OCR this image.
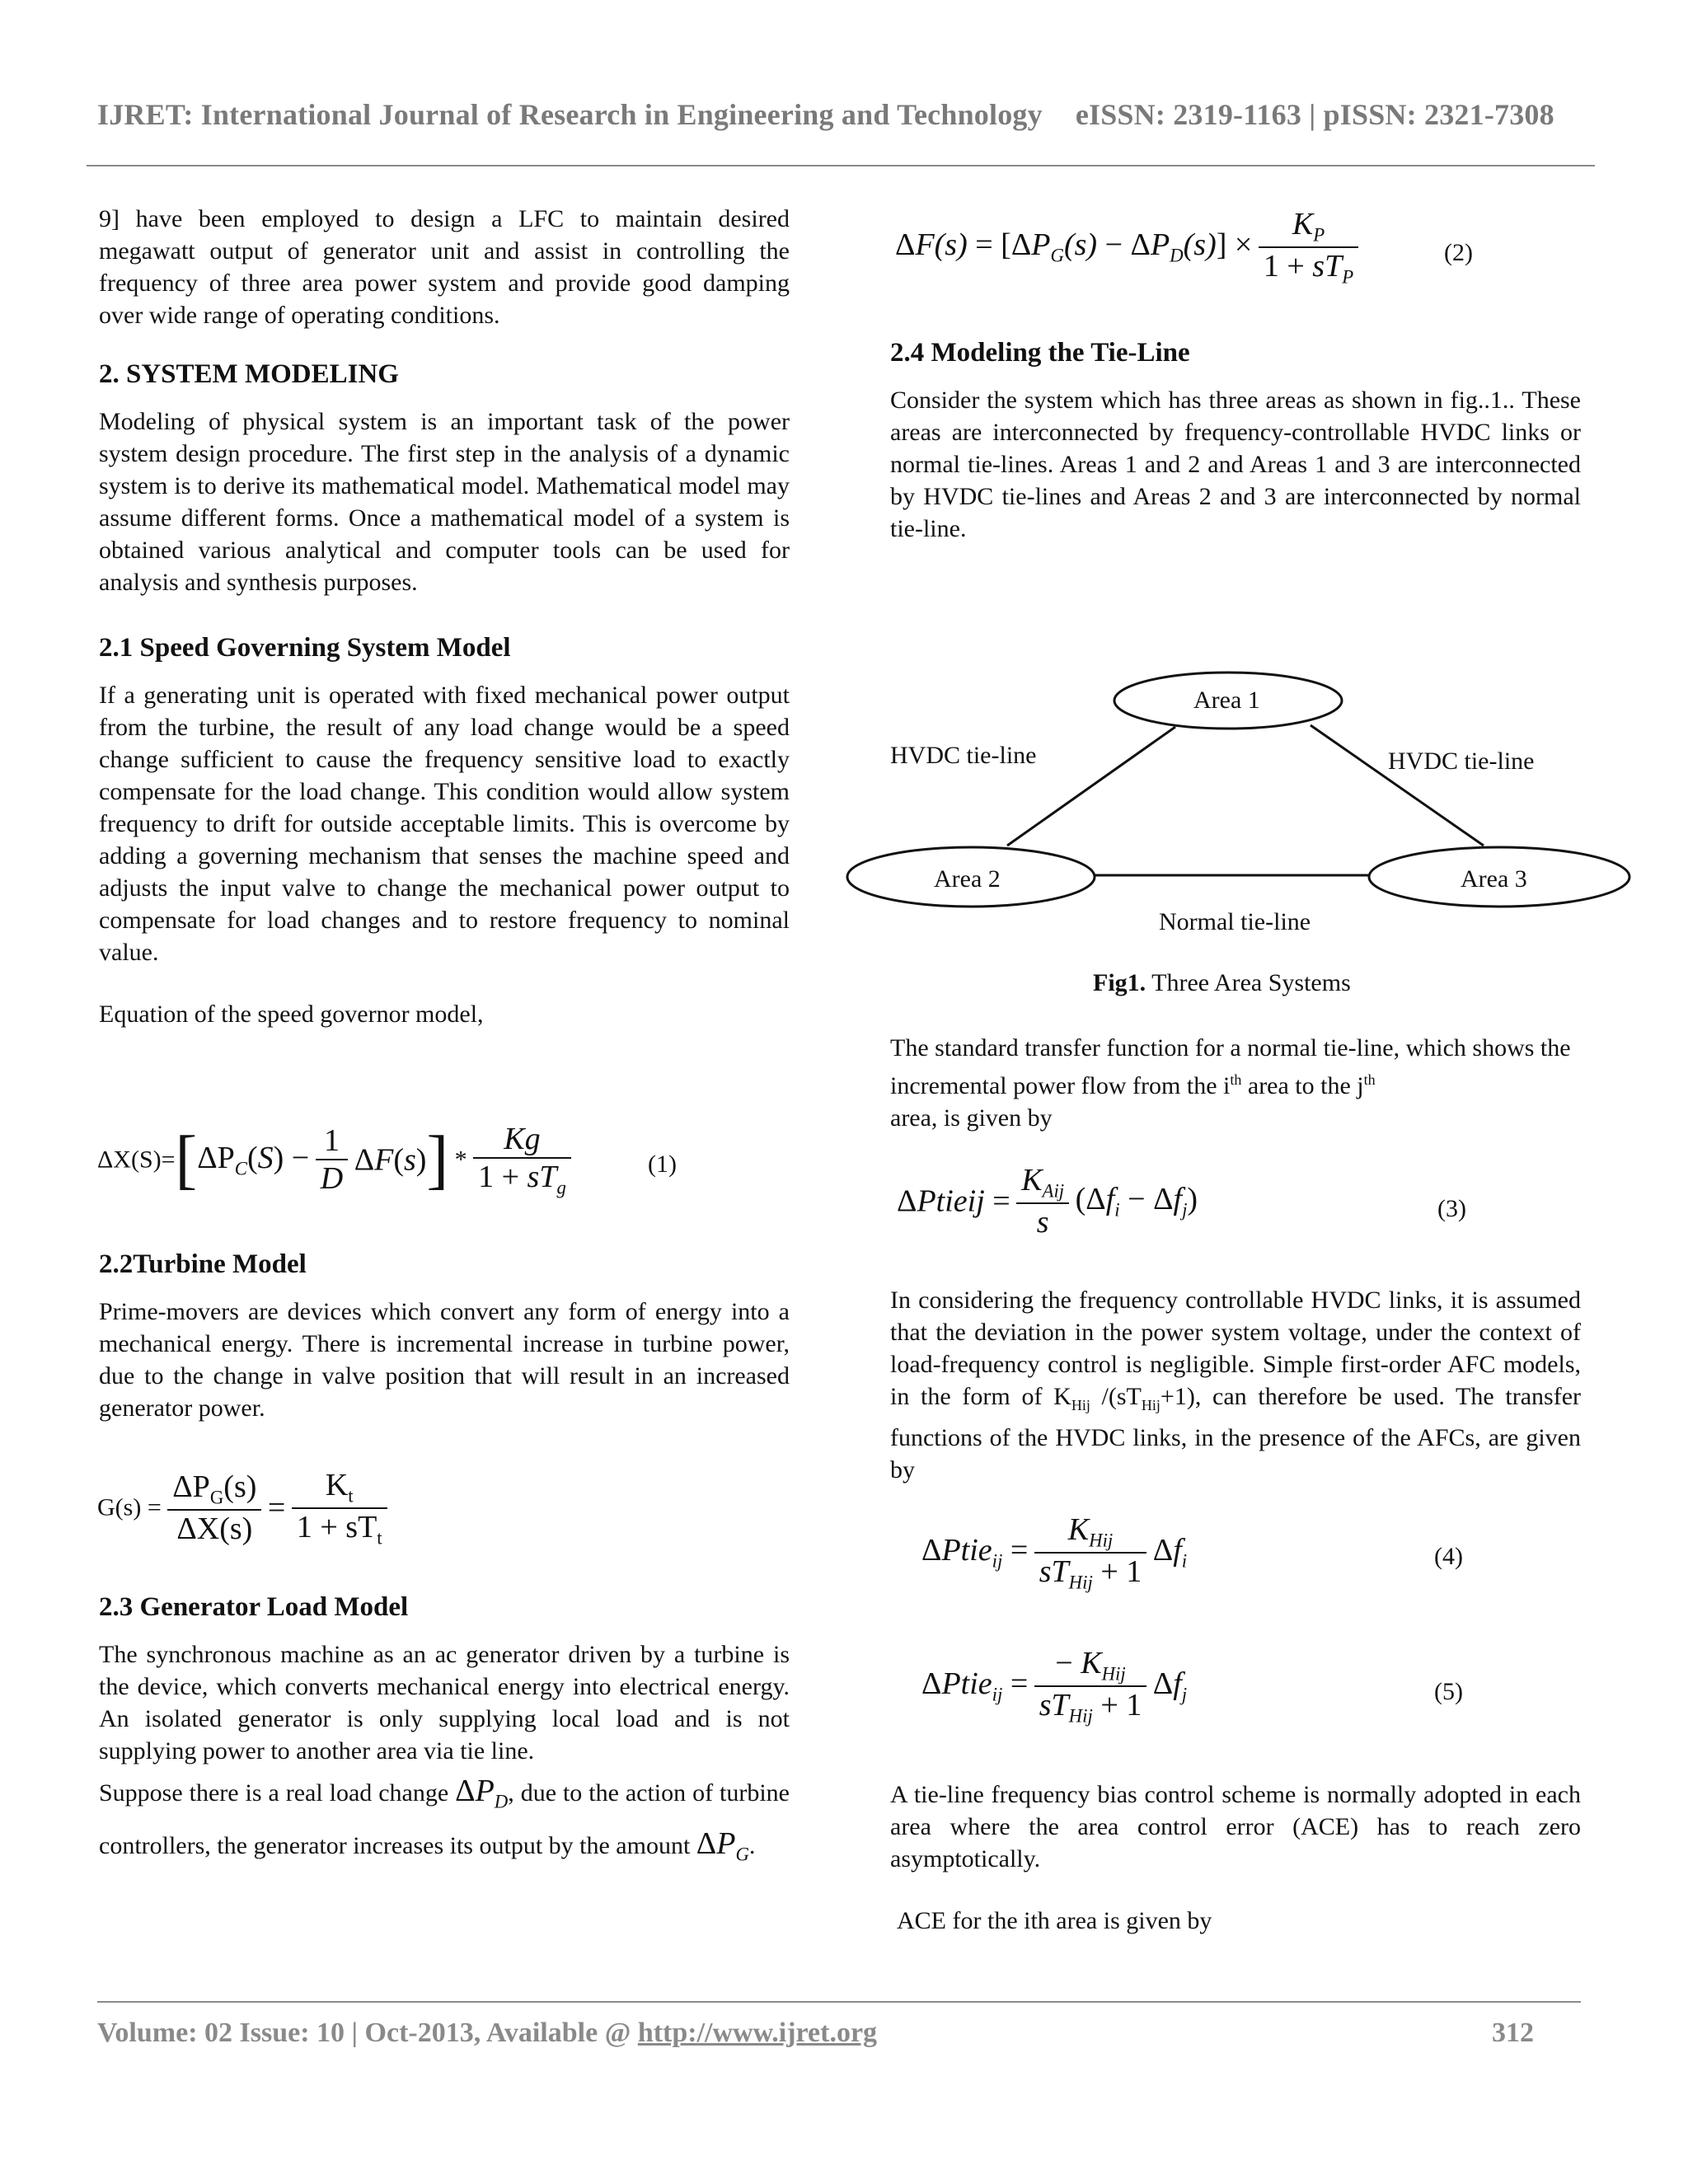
IJRET: International Journal of Research in Engineering and Technology eISSN: 2319-1163 | pISSN: 2321-7308

9] have been employed to design a LFC to maintain desired megawatt output of generator unit and assist in controlling the frequency of three area power system and provide good damping over wide range of operating conditions.

2. SYSTEM MODELING

Modeling of physical system is an important task of the power system design procedure. The first step in the analysis of a dynamic system is to derive its mathematical model. Mathematical model may assume different forms. Once a mathematical model of a system is obtained various analytical and computer tools can be used for analysis and synthesis purposes.

2.1 Speed Governing System Model

If a generating unit is operated with fixed mechanical power output from the turbine, the result of any load change would be a speed change sufficient to cause the frequency sensitive load to exactly compensate for the load change. This condition would allow system frequency to drift for outside acceptable limits. This is overcome by adding a governing mechanism that senses the machine speed and adjusts the input valve to change the mechanical power output to compensate for load changes and to restore frequency to nominal value.

Equation of the speed governor model,

$\Delta X(S)=[\Delta P_C(S) - \frac{1}{D} \Delta F(s)] * \frac{Kg}{1 + sT_g}$	(1)
2.2Turbine Model

Prime-movers are devices which convert any form of energy into a mechanical energy. There is incremental increase in turbine power, due to the change in valve position that will result in an increased generator power.

$G(s) = \frac{\Delta P_G(s)}{\Delta X(s)} = \frac{K_t}{1 + sT_t}$
2.3 Generator Load Model

The synchronous machine as an ac generator driven by a turbine is the device, which converts mechanical energy into electrical energy. An isolated generator is only supplying local load and is not supplying power to another area via tie line.

Suppose there is a real load change $\Delta P_D$, due to the action of turbine controllers, the generator increases its output by the amount $\Delta P_G$.

$\Delta F(s) = [\Delta P_G(s) - \Delta P_D(s)] \times \frac{K_P}{1 + sT_P}$	(2)
2.4 Modeling the Tie-Line

Consider the system which has three areas as shown in fig..1.. These areas are interconnected by frequency-controllable HVDC links or normal tie-lines. Areas 1 and 2 and Areas 1 and 3 are interconnected by HVDC tie-lines and Areas 2 and 3 are interconnected by normal tie-line.

Area 1
Area 2	Area 3
HVDC tie-line	HVDC tie-line
Normal tie-line
Fig1. Three Area Systems

The standard transfer function for a normal tie-line, which shows the incremental power flow from the $i^{th}$ area to the $j^{th}$
area, is given by

ΔPtieij = $\frac{K_{Aij}}{s} (\Delta f_i - \Delta f_j)$	(3)

In considering the frequency controllable HVDC links, it is assumed that the deviation in the power system voltage, under the context of load-frequency control is negligible. Simple first-order AFC models, in the form of $K_{Hij}$ $/(sT_{Hij}+1)$, can therefore be used. The transfer functions of the HVDC links, in the presence of the AFCs, are given by

ΔPtie$_{ij}$ = $\frac{K_{Hij}}{sT_{Hij} + 1} \Delta f_i$	(4)
ΔPtie$_{ij}$ = $\frac{- K_{Hij}}{sT_{Hij} + 1} \Delta f_j$	(5)

A tie-line frequency bias control scheme is normally adopted in each area where the area control error (ACE) has to reach zero asymptotically.

ACE for the ith area is given by

Volume: 02 Issue: 10 | Oct-2013, Available @ http://www.ijret.org	312
